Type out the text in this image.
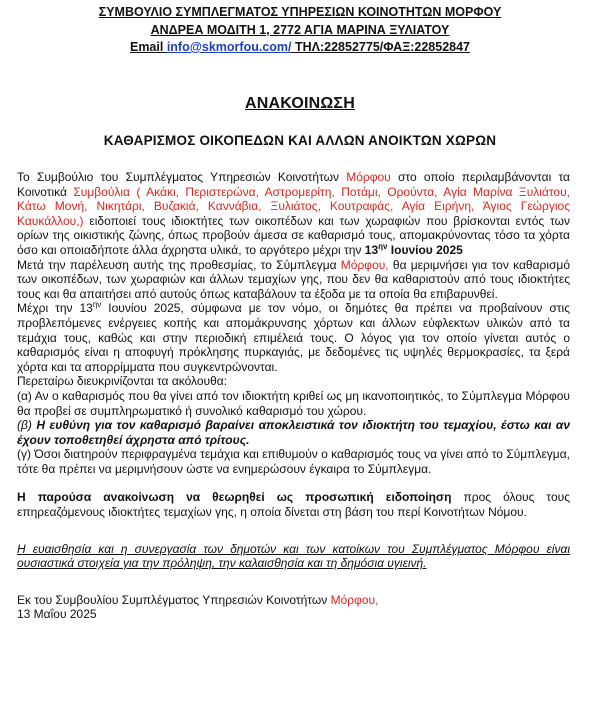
ΣΥΜΒΟΥΛΙΟ ΣΥΜΠΛΕΓΜΑΤΟΣ ΥΠΗΡΕΣΙΩΝ ΚΟΙΝΟΤΗΤΩΝ ΜΟΡΦΟΥ
ΑΝΔΡΕΑ ΜΟΔΙΤΗ 1, 2772 ΑΓΙΑ ΜΑΡΙΝΑ ΞΥΛΙΑΤΟΥ
Email info@skmorfou.com/ ΤΗΛ:22852775/ΦΑΞ:22852847
ΑΝΑΚΟΙΝΩΣΗ
ΚΑΘΑΡΙΣΜΟΣ ΟΙΚΟΠΕΔΩΝ ΚΑΙ ΑΛΛΩΝ ΑΝΟΙΚΤΩΝ ΧΩΡΩΝ

Το Συμβούλιο του Συμπλέγματος Υπηρεσιών Κοινοτήτων Μόρφου στο οποίο περιλαμβάνονται τα Κοινοτικά Συμβούλια ( Ακάκι, Περιστερώνα, Αστρομερίτη, Ποτάμι, Ορούντα, Αγία Μαρίνα Ξυλιάτου, Κάτω Μονή, Νικητάρι, Βυζακιά, Καννάβια, Ξυλιάτος, Κουτραφάς, Αγία Ειρήνη, Άγιος Γεώργιος Καυκάλλου,) ειδοποιεί τους ιδιοκτήτες των οικοπέδων και των χωραφιών που βρίσκονται εντός των ορίων της οικιστικής ζώνης, όπως προβούν άμεσα σε καθαρισμό τους, απομακρύνοντας τόσο τα χόρτα όσο και οποιαδήποτε άλλα άχρηστα υλικά, το αργότερο μέχρι την $13^{\eta\nu}$ Ιουνίου 2025

Μετά την παρέλευση αυτής της προθεσμίας, το Σύμπλεγμα Μόρφου, θα μεριμνήσει για τον καθαρισμό των οικοπέδων, των χωραφιών και άλλων τεμαχίων γης, που δεν θα καθαριστούν από τους ιδιοκτήτες τους και θα απαιτήσει από αυτούς όπως καταβάλουν τα έξοδα με τα οποία θα επιβαρυνθεί.

Μέχρι την $13^{\eta\nu}$ Ιουνίου 2025, σύμφωνα με τον νόμο, οι δημότες θα πρέπει να προβαίνουν στις προβλεπόμενες ενέργειες κοπής και απομάκρυνσης χόρτων και άλλων εύφλεκτων υλικών από τα τεμάχια τους, καθώς και στην περιοδική επιμέλειά τους. Ο λόγος για τον οποίο γίνεται αυτός ο καθαρισμός είναι η αποφυγή πρόκλησης πυρκαγιάς, με δεδομένες τις υψηλές θερμοκρασίες, τα ξερά χόρτα και τα απορρίμματα που συγκεντρώνονται.

Περεταίρω διευκρινίζονται τα ακόλουθα:

(α) Αν ο καθαρισμός που θα γίνει από τον ιδιοκτήτη κριθεί ως μη ικανοποιητικός, το Σύμπλεγμα Μόρφου θα προβεί σε συμπληρωματικό ή συνολικό καθαρισμό του χώρου.

(β) Η ευθύνη για τον καθαρισμό βαραίνει αποκλειστικά τον ιδιοκτήτη του τεμαχίου, έστω και αν έχουν τοποθετηθεί άχρηστα από τρίτους.

(γ) Όσοι διατηρούν περιφραγμένα τεμάχια και επιθυμούν ο καθαρισμός τους να γίνει από το Σύμπλεγμα, τότε θα πρέπει να μεριμνήσουν ώστε να ενημερώσουν έγκαιρα το Σύμπλεγμα.

Η παρούσα ανακοίνωση να θεωρηθεί ως προσωπική ειδοποίηση προς όλους τους επηρεαζόμενους ιδιοκτήτες τεμαχίων γης, η οποία δίνεται στη βάση του περί Κοινοτήτων Νόμου.

Η ευαισθησία και η συνεργασία των δημοτών και των κατοίκων του Συμπλέγματος Μόρφου είναι ουσιαστικά στοιχεία για την πρόληψη, την καλαισθησία και τη δημόσια υγιεινή.

Εκ του Συμβουλίου Συμπλέγματος Υπηρεσιών Κοινοτήτων Μόρφου,
13 Μαΐου 2025
